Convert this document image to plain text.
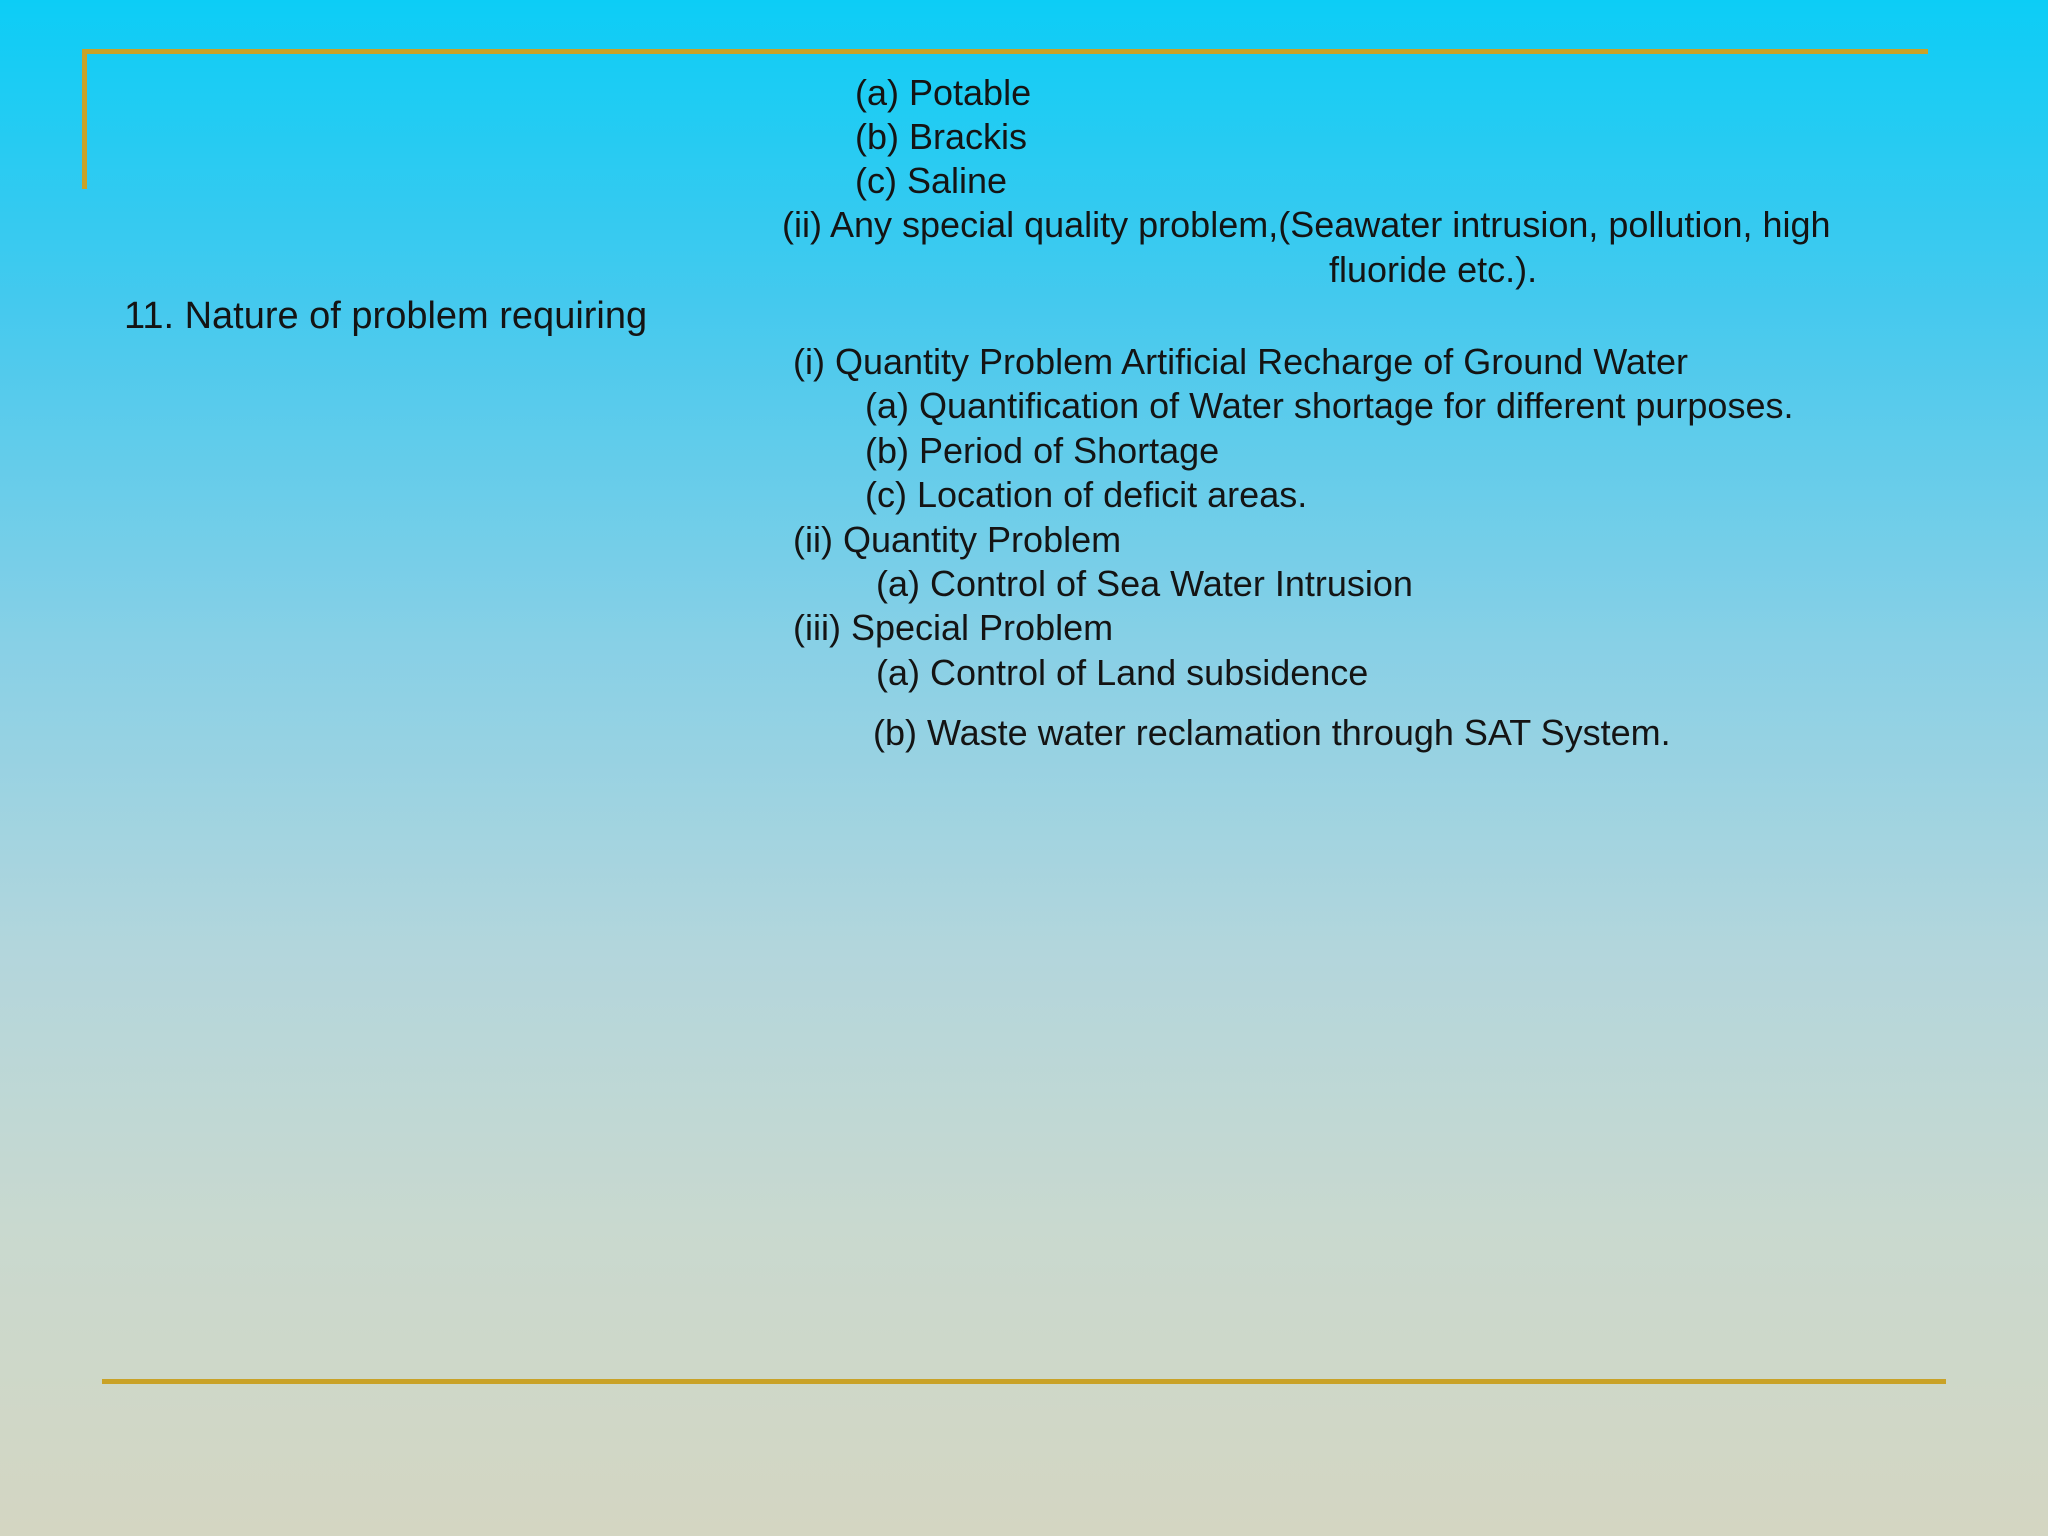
(a) Potable
(b) Brackis
(c) Saline
(ii) Any special quality problem,(Seawater intrusion, pollution, high
fluoride etc.).
11. Nature of problem requiring
(i) Quantity Problem Artificial Recharge of Ground Water
(a) Quantification of Water shortage for different purposes.
(b) Period of Shortage
(c) Location of deficit areas.
(ii) Quantity Problem
(a) Control of Sea Water Intrusion
(iii) Special Problem
(a) Control of Land subsidence
(b) Waste water reclamation through SAT System.
